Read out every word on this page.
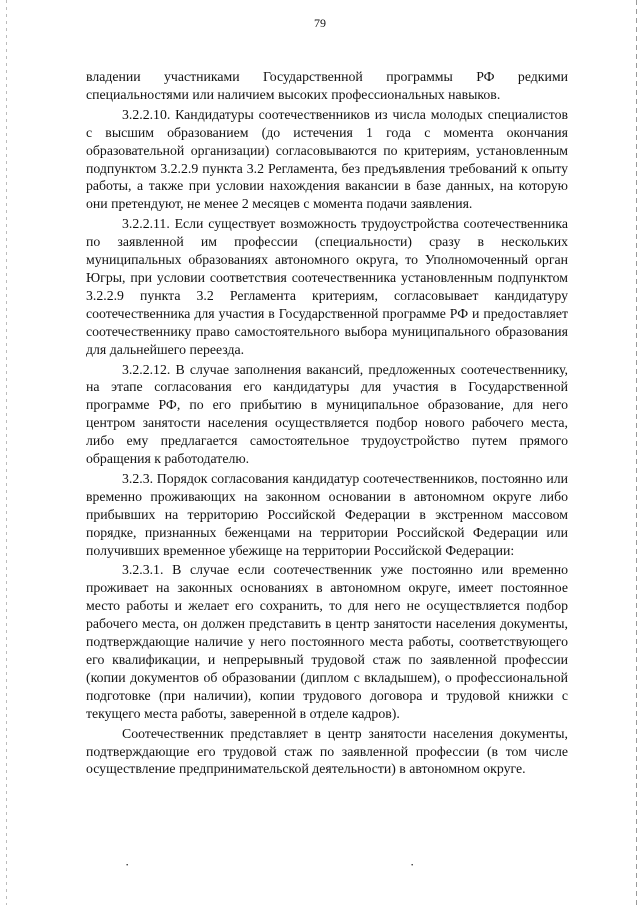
79

владении участниками Государственной программы РФ редкими специальностями или наличием высоких профессиональных навыков.

3.2.2.10. Кандидатуры соотечественников из числа молодых специалистов с высшим образованием (до истечения 1 года с момента окончания образовательной организации) согласовываются по критериям, установленным подпунктом 3.2.2.9 пункта 3.2 Регламента, без предъявления требований к опыту работы, а также при условии нахождения вакансии в базе данных, на которую они претендуют, не менее 2 месяцев с момента подачи заявления.

3.2.2.11. Если существует возможность трудоустройства соотечественника по заявленной им профессии (специальности) сразу в нескольких муниципальных образованиях автономного округа, то Уполномоченный орган Югры, при условии соответствия соотечественника установленным подпунктом 3.2.2.9 пункта 3.2 Регламента критериям, согласовывает кандидатуру соотечественника для участия в Государственной программе РФ и предоставляет соотечественнику право самостоятельного выбора муниципального образования для дальнейшего переезда.

3.2.2.12. В случае заполнения вакансий, предложенных соотечественнику, на этапе согласования его кандидатуры для участия в Государственной программе РФ, по его прибытию в муниципальное образование, для него центром занятости населения осуществляется подбор нового рабочего места, либо ему предлагается самостоятельное трудоустройство путем прямого обращения к работодателю.

3.2.3. Порядок согласования кандидатур соотечественников, постоянно или временно проживающих на законном основании в автономном округе либо прибывших на территорию Российской Федерации в экстренном массовом порядке, признанных беженцами на территории Российской Федерации или получивших временное убежище на территории Российской Федерации:

3.2.3.1. В случае если соотечественник уже постоянно или временно проживает на законных основаниях в автономном округе, имеет постоянное место работы и желает его сохранить, то для него не осуществляется подбор рабочего места, он должен представить в центр занятости населения документы, подтверждающие наличие у него постоянного места работы, соответствующего его квалификации, и непрерывный трудовой стаж по заявленной профессии (копии документов об образовании (диплом с вкладышем), о профессиональной подготовке (при наличии), копии трудового договора и трудовой книжки с текущего места работы, заверенной в отделе кадров).

Соотечественник представляет в центр занятости населения документы, подтверждающие его трудовой стаж по заявленной профессии (в том числе осуществление предпринимательской деятельности) в автономном округе.

·	·
